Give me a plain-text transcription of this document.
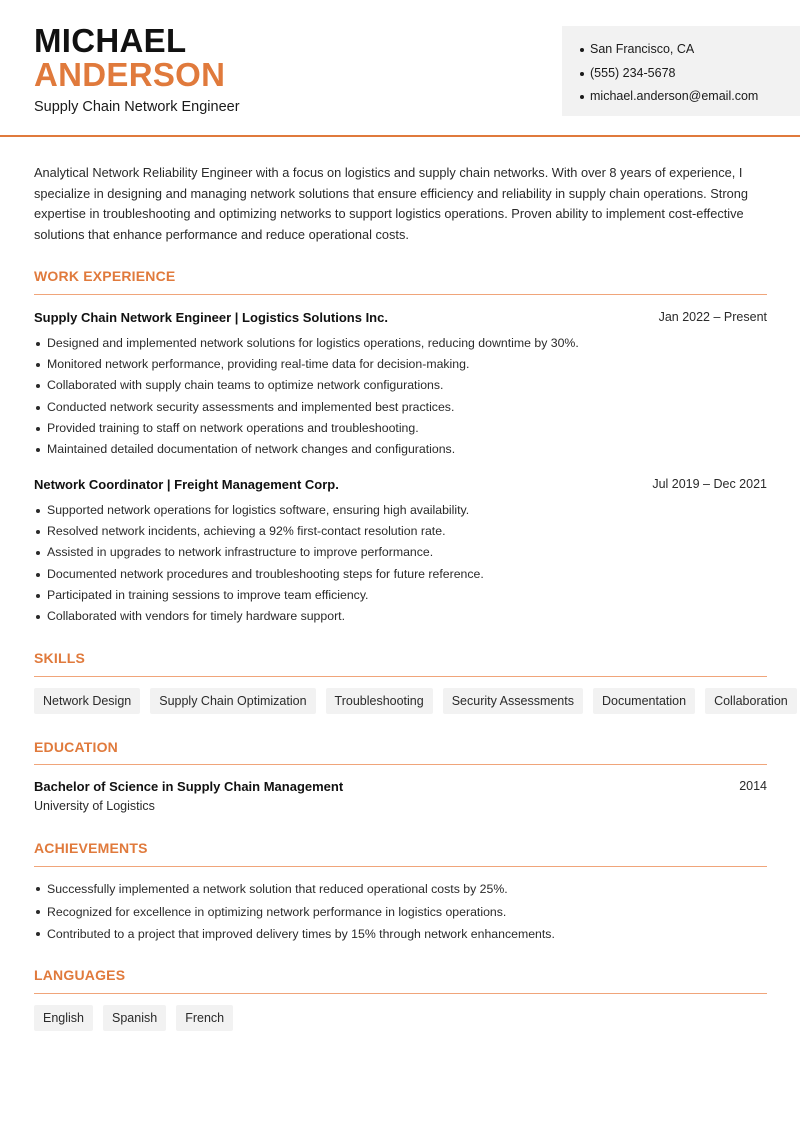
MICHAEL
ANDERSON
Supply Chain Network Engineer
San Francisco, CA
(555) 234-5678
michael.anderson@email.com

Analytical Network Reliability Engineer with a focus on logistics and supply chain networks. With over 8 years of experience, I specialize in designing and managing network solutions that ensure efficiency and reliability in supply chain operations. Strong expertise in troubleshooting and optimizing networks to support logistics operations. Proven ability to implement cost-effective solutions that enhance performance and reduce operational costs.

WORK EXPERIENCE
Supply Chain Network Engineer | Logistics Solutions Inc.	Jan 2022 – Present
Designed and implemented network solutions for logistics operations, reducing downtime by 30%.
Monitored network performance, providing real-time data for decision-making.
Collaborated with supply chain teams to optimize network configurations.
Conducted network security assessments and implemented best practices.
Provided training to staff on network operations and troubleshooting.
Maintained detailed documentation of network changes and configurations.
Network Coordinator | Freight Management Corp.	Jul 2019 – Dec 2021
Supported network operations for logistics software, ensuring high availability.
Resolved network incidents, achieving a 92% first-contact resolution rate.
Assisted in upgrades to network infrastructure to improve performance.
Documented network procedures and troubleshooting steps for future reference.
Participated in training sessions to improve team efficiency.
Collaborated with vendors for timely hardware support.
SKILLS
Network Design	Supply Chain Optimization	Troubleshooting	Security Assessments	Documentation	Collaboration
EDUCATION
Bachelor of Science in Supply Chain Management	2014
University of Logistics
ACHIEVEMENTS
Successfully implemented a network solution that reduced operational costs by 25%.
Recognized for excellence in optimizing network performance in logistics operations.
Contributed to a project that improved delivery times by 15% through network enhancements.
LANGUAGES
English	Spanish	French
